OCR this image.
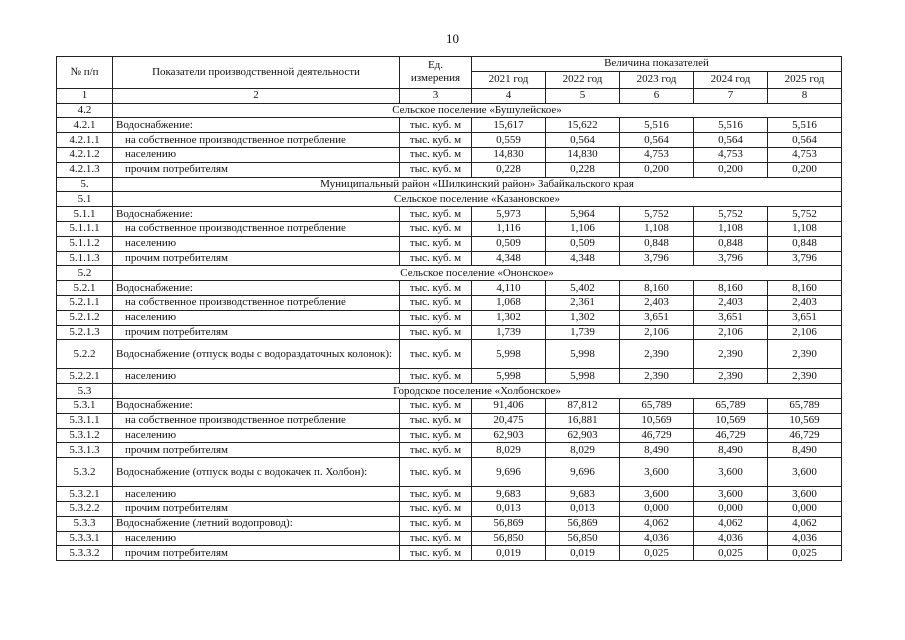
10
№ п/п	Показатели производственной деятельности	Ед. измерения	Величина показателей				
			2021 год	2022 год	2023 год	2024 год	2025 год
1	2	3	4	5	6	7	8
4.2	Сельское поселение «Бушулейское»						
4.2.1	Водоснабжение:	тыс. куб. м	15,617	15,622	5,516	5,516	5,516
4.2.1.1	на собственное производственное потребление	тыс. куб. м	0,559	0,564	0,564	0,564	0,564
4.2.1.2	населению	тыс. куб. м	14,830	14,830	4,753	4,753	4,753
4.2.1.3	прочим потребителям	тыс. куб. м	0,228	0,228	0,200	0,200	0,200
5.	Муниципальный район «Шилкинский район» Забайкальского края						
5.1	Сельское поселение «Казановское»						
5.1.1	Водоснабжение:	тыс. куб. м	5,973	5,964	5,752	5,752	5,752
5.1.1.1	на собственное производственное потребление	тыс. куб. м	1,116	1,106	1,108	1,108	1,108
5.1.1.2	населению	тыс. куб. м	0,509	0,509	0,848	0,848	0,848
5.1.1.3	прочим потребителям	тыс. куб. м	4,348	4,348	3,796	3,796	3,796
5.2	Сельское поселение «Ононское»						
5.2.1	Водоснабжение:	тыс. куб. м	4,110	5,402	8,160	8,160	8,160
5.2.1.1	на собственное производственное потребление	тыс. куб. м	1,068	2,361	2,403	2,403	2,403
5.2.1.2	населению	тыс. куб. м	1,302	1,302	3,651	3,651	3,651
5.2.1.3	прочим потребителям	тыс. куб. м	1,739	1,739	2,106	2,106	2,106
5.2.2	Водоснабжение (отпуск воды с водораздаточных колонок):	тыс. куб. м	5,998	5,998	2,390	2,390	2,390
5.2.2.1	населению	тыс. куб. м	5,998	5,998	2,390	2,390	2,390
5.3	Городское поселение «Холбонское»						
5.3.1	Водоснабжение:	тыс. куб. м	91,406	87,812	65,789	65,789	65,789
5.3.1.1	на собственное производственное потребление	тыс. куб. м	20,475	16,881	10,569	10,569	10,569
5.3.1.2	населению	тыс. куб. м	62,903	62,903	46,729	46,729	46,729
5.3.1.3	прочим потребителям	тыс. куб. м	8,029	8,029	8,490	8,490	8,490
5.3.2	Водоснабжение (отпуск воды с водокачек п. Холбон):	тыс. куб. м	9,696	9,696	3,600	3,600	3,600
5.3.2.1	населению	тыс. куб. м	9,683	9,683	3,600	3,600	3,600
5.3.2.2	прочим потребителям	тыс. куб. м	0,013	0,013	0,000	0,000	0,000
5.3.3	Водоснабжение (летний водопровод):	тыс. куб. м	56,869	56,869	4,062	4,062	4,062
5.3.3.1	населению	тыс. куб. м	56,850	56,850	4,036	4,036	4,036
5.3.3.2	прочим потребителям	тыс. куб. м	0,019	0,019	0,025	0,025	0,025
